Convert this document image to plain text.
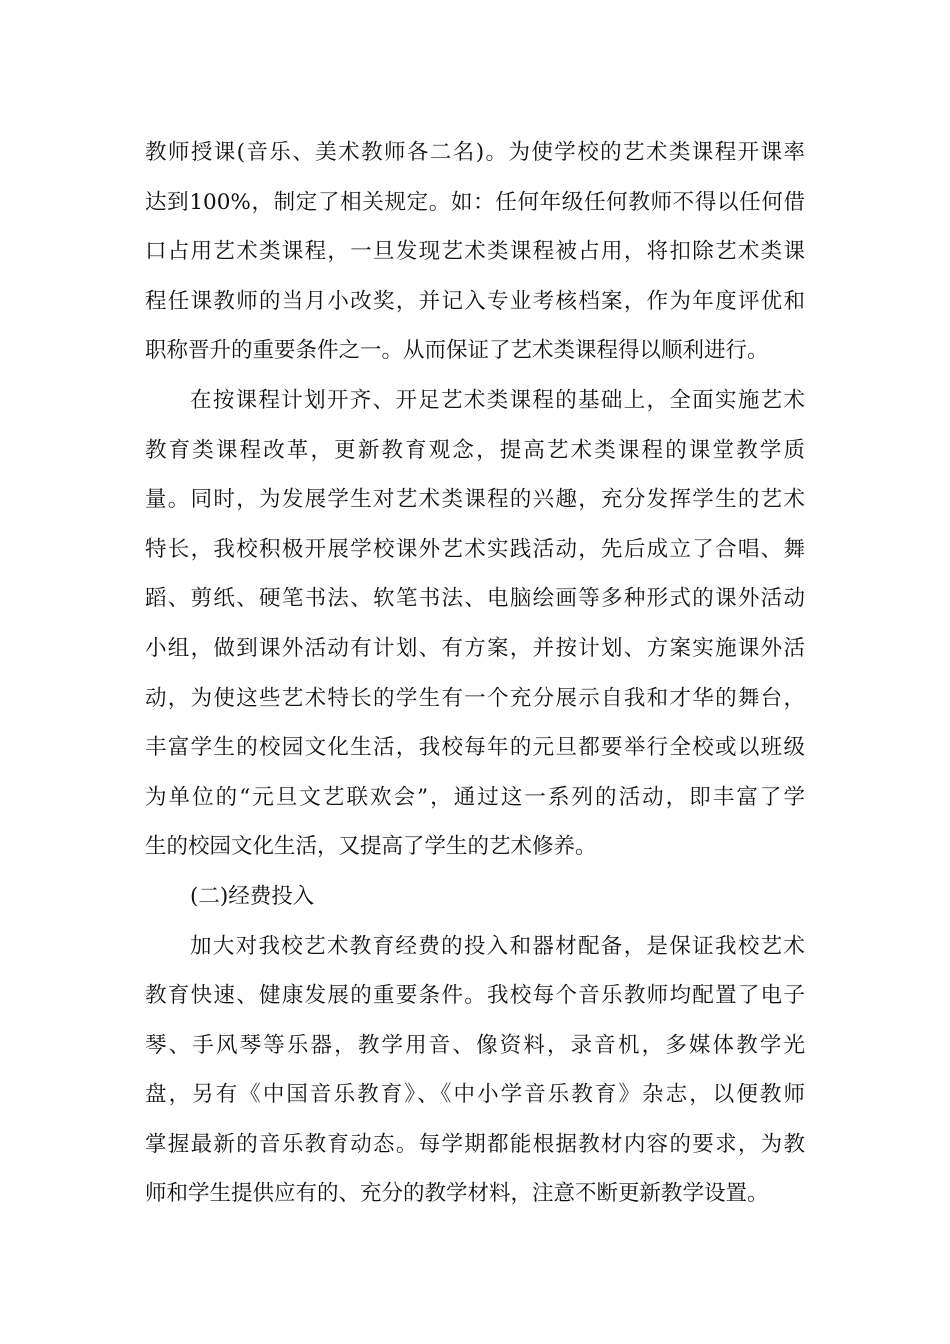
教师授课(音乐、美术教师各二名)。为使学校的艺术类课程开课率
达到100%，制定了相关规定。如：任何年级任何教师不得以任何借
口占用艺术类课程，一旦发现艺术类课程被占用，将扣除艺术类课
程任课教师的当月小改奖，并记入专业考核档案，作为年度评优和
职称晋升的重要条件之一。从而保证了艺术类课程得以顺利进行。
在按课程计划开齐、开足艺术类课程的基础上，全面实施艺术
教育类课程改革，更新教育观念，提高艺术类课程的课堂教学质
量。同时，为发展学生对艺术类课程的兴趣，充分发挥学生的艺术
特长，我校积极开展学校课外艺术实践活动，先后成立了合唱、舞
蹈、剪纸、硬笔书法、软笔书法、电脑绘画等多种形式的课外活动
小组，做到课外活动有计划、有方案，并按计划、方案实施课外活
动，为使这些艺术特长的学生有一个充分展示自我和才华的舞台，
丰富学生的校园文化生活，我校每年的元旦都要举行全校或以班级
为单位的“元旦文艺联欢会”，通过这一系列的活动，即丰富了学
生的校园文化生活，又提高了学生的艺术修养。
(二)经费投入
加大对我校艺术教育经费的投入和器材配备，是保证我校艺术
教育快速、健康发展的重要条件。我校每个音乐教师均配置了电子
琴、手风琴等乐器，教学用音、像资料，录音机，多媒体教学光
盘，另有《中国音乐教育》、《中小学音乐教育》杂志，以便教师
掌握最新的音乐教育动态。每学期都能根据教材内容的要求，为教
师和学生提供应有的、充分的教学材料，注意不断更新教学设置。
